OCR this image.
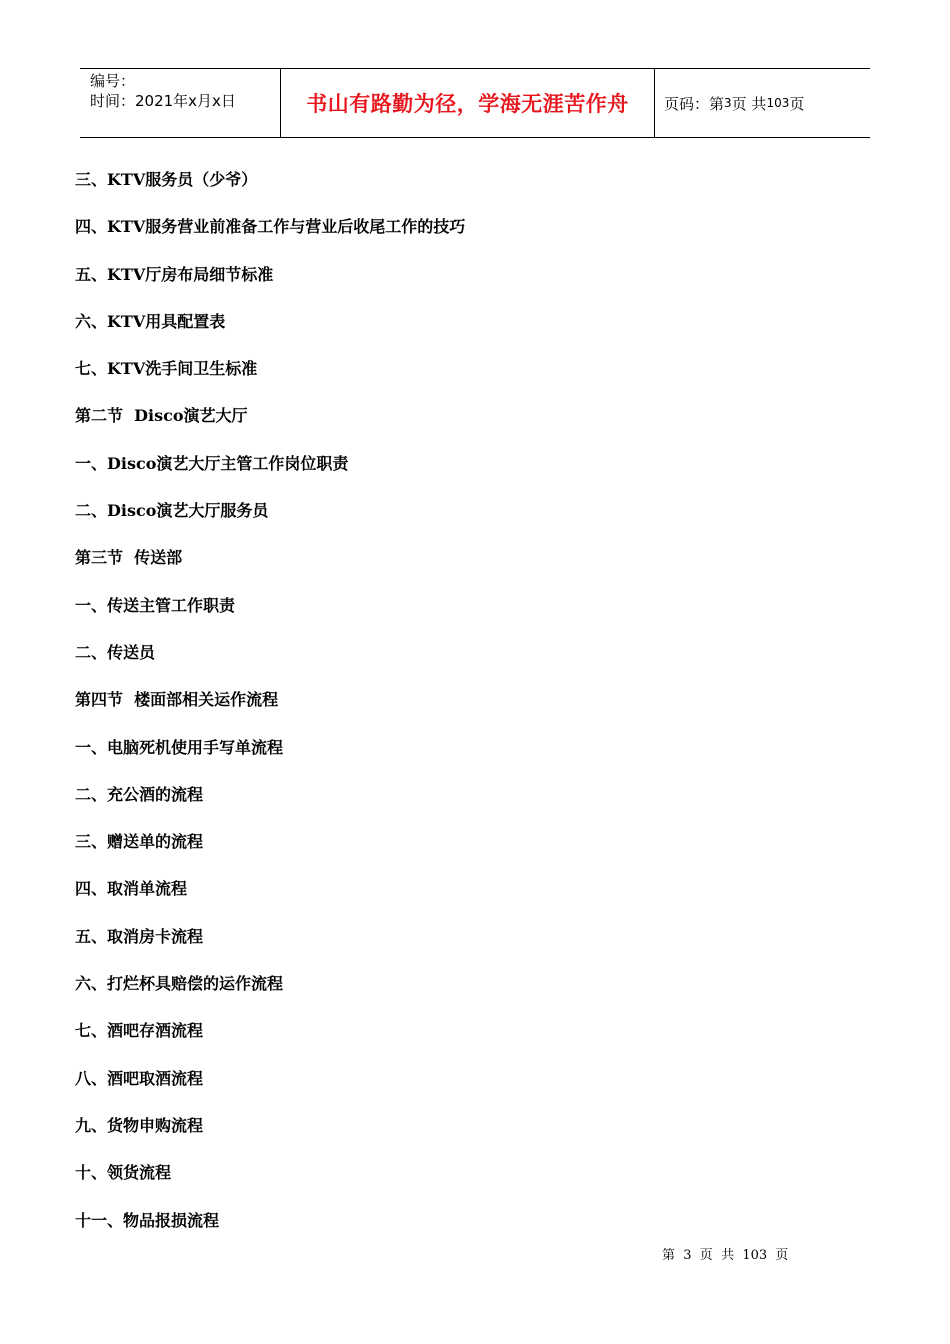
编号：
时间：2021年x月x日	书山有路勤为径，学海无涯苦作舟	页码：第 3 页 共 103 页
三、KTV服务员（少爷）
四、KTV服务营业前准备工作与营业后收尾工作的技巧
五、KTV厅房布局细节标准
六、KTV用具配置表
七、KTV洗手间卫生标准
第二节  Disco演艺大厅
一、Disco演艺大厅主管工作岗位职责
二、Disco演艺大厅服务员
第三节  传送部
一、传送主管工作职责
二、传送员
第四节  楼面部相关运作流程
一、电脑死机使用手写单流程
二、充公酒的流程
三、赠送单的流程
四、取消单流程
五、取消房卡流程
六、打烂杯具赔偿的运作流程
七、酒吧存酒流程
八、酒吧取酒流程
九、货物申购流程
十、领货流程
十一、物品报损流程
第  3  页  共  103  页
